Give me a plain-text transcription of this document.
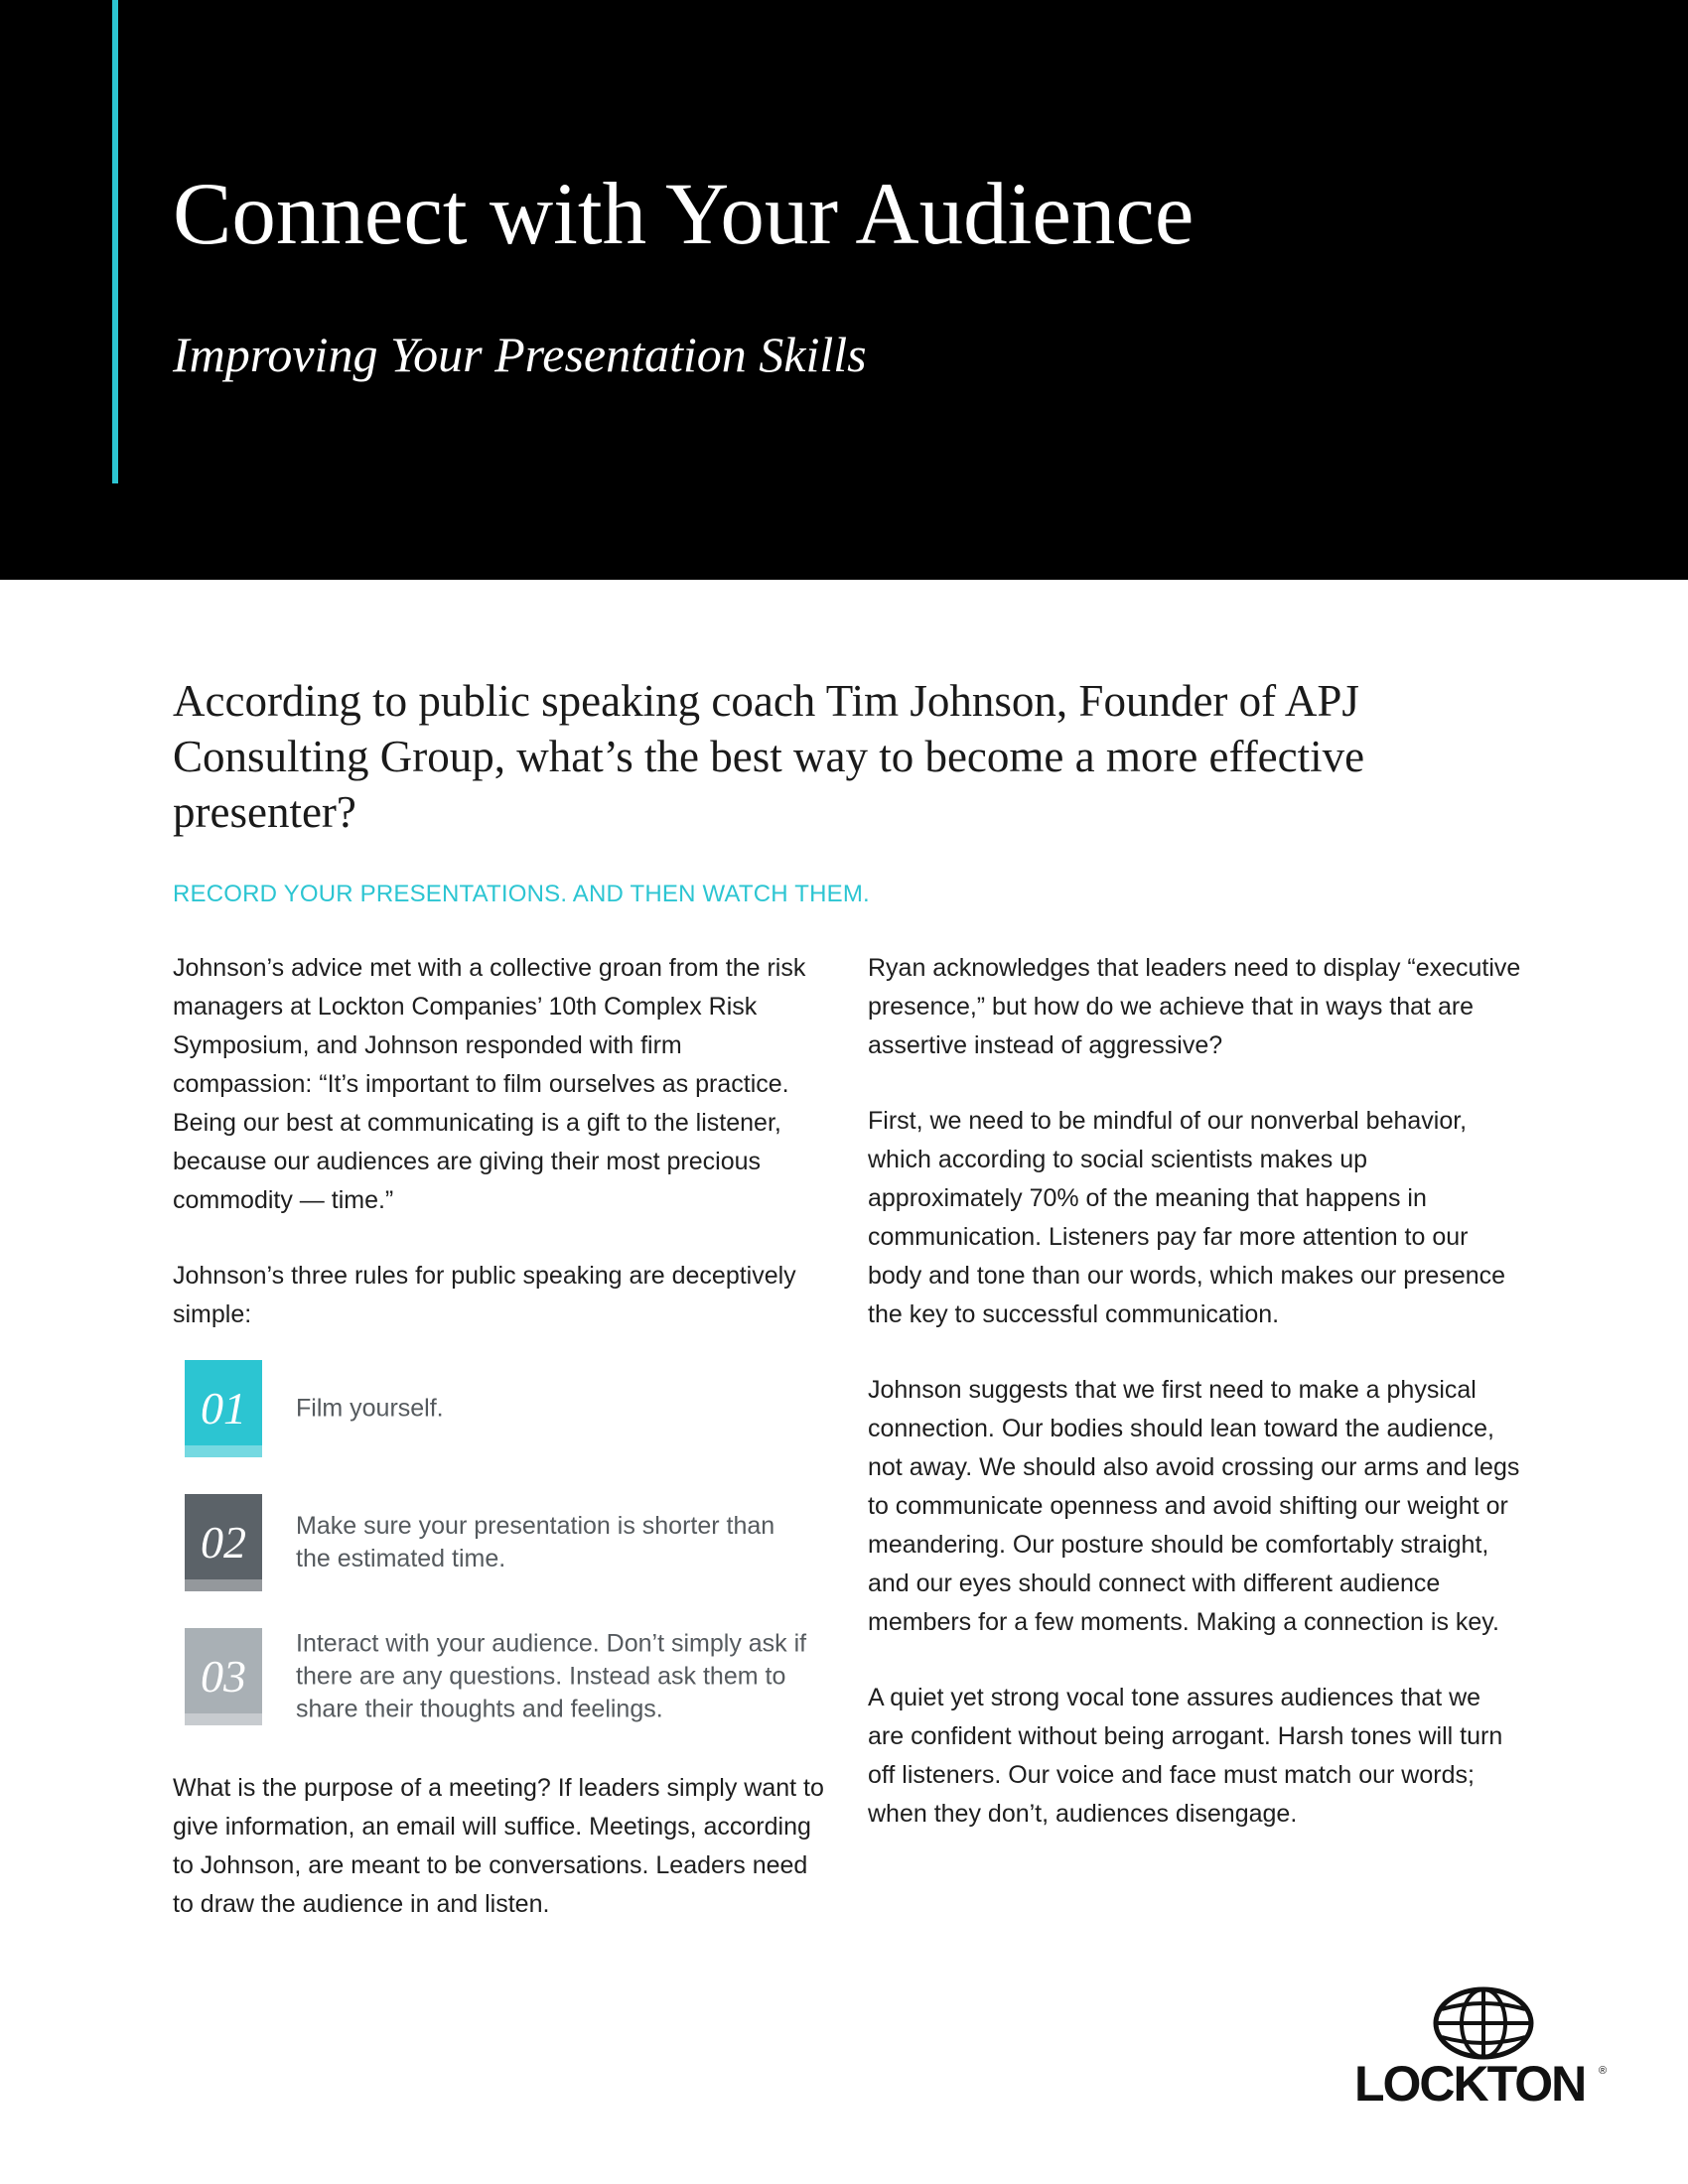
Connect with Your Audience
Improving Your Presentation Skills

According to public speaking coach Tim Johnson, Founder of APJ Consulting Group, what’s the best way to become a more effective presenter?

RECORD YOUR PRESENTATIONS. AND THEN WATCH THEM.

Johnson’s advice met with a collective groan from the risk managers at Lockton Companies’ 10th Complex Risk Symposium, and Johnson responded with firm compassion: “It’s important to film ourselves as practice. Being our best at communicating is a gift to the listener, because our audiences are giving their most precious commodity — time.”

Johnson’s three rules for public speaking are deceptively simple:

01	Film yourself.
02	Make sure your presentation is shorter than the estimated time.
03
Interact with your audience. Don’t simply ask if there are any questions. Instead ask them to share their thoughts and feelings.

What is the purpose of a meeting? If leaders simply want to give information, an email will suffice. Meetings, according to Johnson, are meant to be conversations. Leaders need to draw the audience in and listen.

Ryan acknowledges that leaders need to display “executive presence,” but how do we achieve that in ways that are assertive instead of aggressive?

First, we need to be mindful of our nonverbal behavior, which according to social scientists makes up approximately 70% of the meaning that happens in communication. Listeners pay far more attention to our body and tone than our words, which makes our presence the key to successful communication.

Johnson suggests that we first need to make a physical connection. Our bodies should lean toward the audience, not away. We should also avoid crossing our arms and legs to communicate openness and avoid shifting our weight or meandering. Our posture should be comfortably straight, and our eyes should connect with different audience members for a few moments. Making a connection is key.

A quiet yet strong vocal tone assures audiences that we are confident without being arrogant. Harsh tones will turn off listeners. Our voice and face must match our words; when they don’t, audiences disengage.

LOCKTON ®
